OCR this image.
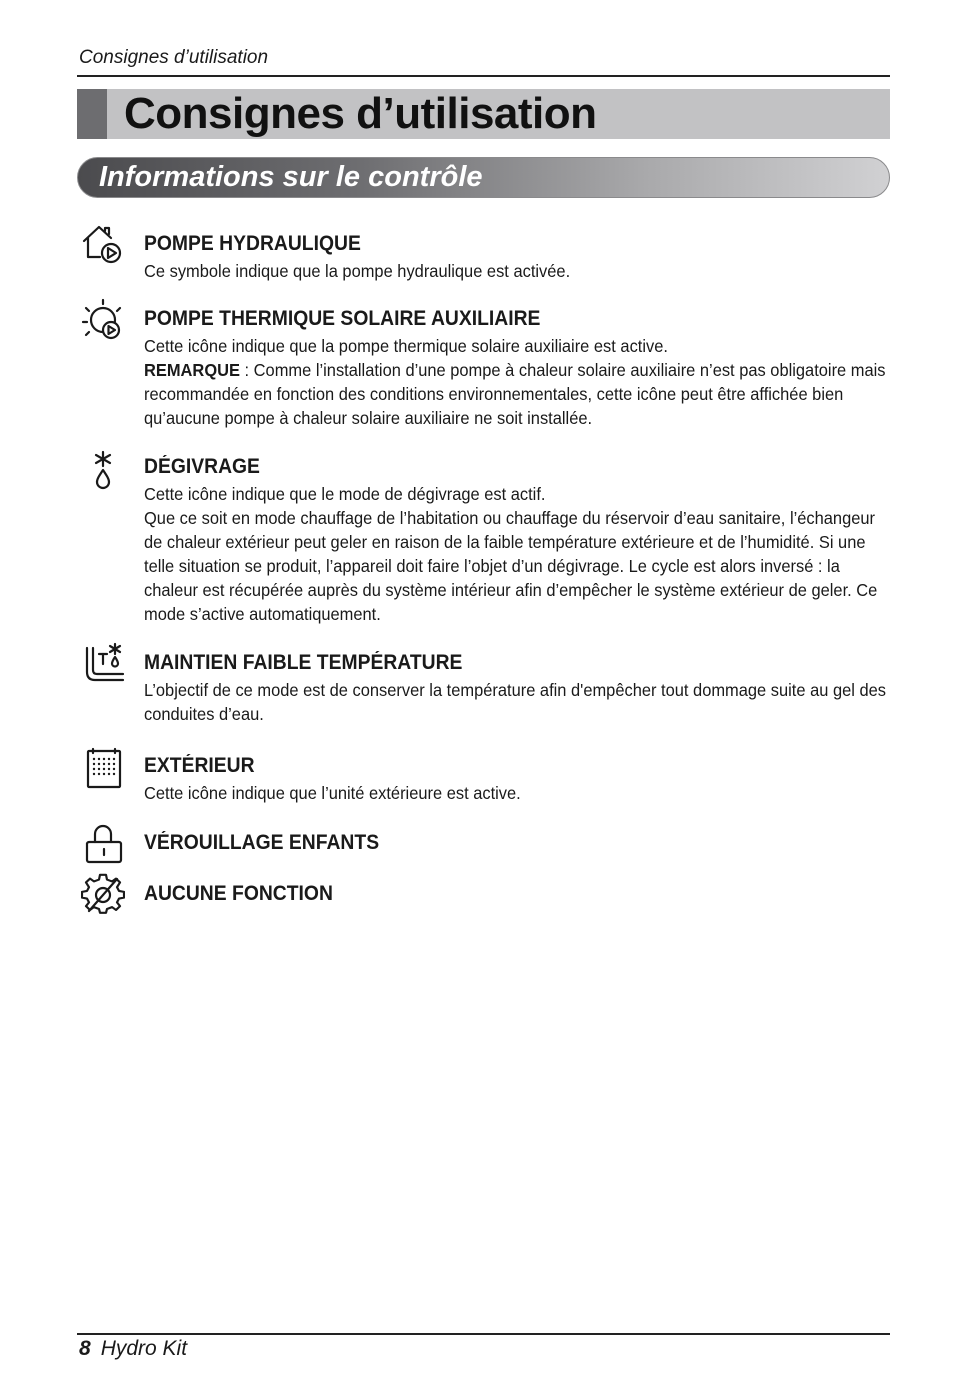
Consignes d’utilisation
Consignes d’utilisation
Informations sur le contrôle
POMPE HYDRAULIQUE

Ce symbole indique que la pompe hydraulique est activée.

POMPE THERMIQUE SOLAIRE AUXILIAIRE

Cette icône indique que la pompe thermique solaire auxiliaire est active.

REMARQUE : Comme l’installation d’une pompe à chaleur solaire auxiliaire n’est pas obligatoire mais recommandée en fonction des conditions environnementales, cette icône peut être affichée bien qu’aucune pompe à chaleur solaire auxiliaire ne soit installée.

DÉGIVRAGE

Cette icône indique que le mode de dégivrage est actif.

Que ce soit en mode chauffage de l’habitation ou chauffage du réservoir d’eau sanitaire, l’échangeur de chaleur extérieur peut geler en raison de la faible température extérieure et de l’humidité. Si une telle situation se produit, l’appareil doit faire l’objet d’un dégivrage. Le cycle est alors inversé : la chaleur est récupérée auprès du système intérieur afin d’empêcher le système extérieur de geler. Ce mode s’active automatiquement.

MAINTIEN FAIBLE TEMPÉRATURE

L’objectif de ce mode est de conserver la température afin d'empêcher tout dommage suite au gel des conduites d’eau.

EXTÉRIEUR

Cette icône indique que l’unité extérieure est active.

VÉROUILLAGE ENFANTS
AUCUNE FONCTION
8 Hydro Kit
